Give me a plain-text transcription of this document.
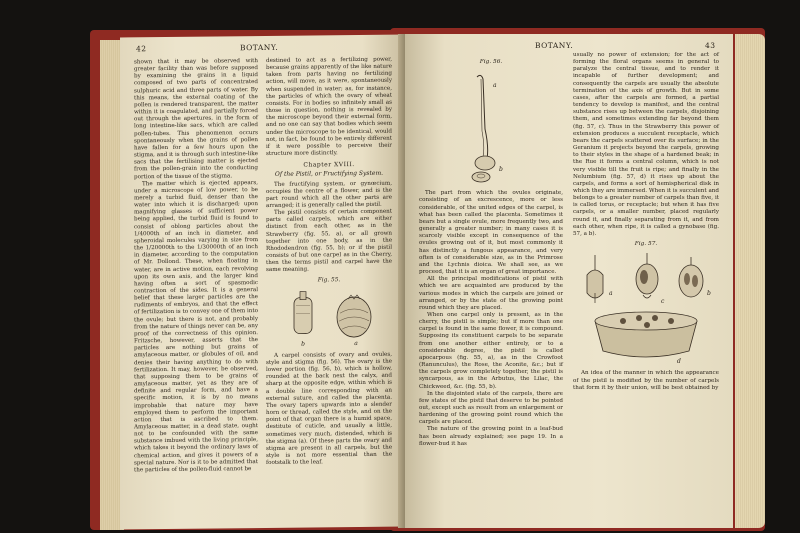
42	BOTANY.

shown that it may be observed with greater facility than was before supposed by examining the grains in a liquid composed of two parts of concentrated sulphuric acid and three parts of water. By this means, the external coating of the pollen is rendered transparent, the matter within it is coagulated, and partially forced out through the apertures, in the form of long intestine-like sacs, which are called pollen-tubes. This phenomenon occurs spontaneously when the grains of pollen have fallen for a few hours upon the stigma, and it is through such intestine-like sacs that the fertilising matter is ejected from the pollen-grain into the conducting portion of the tissue of the stigma.

The matter which is ejected appears, under a microscope of low power, to be merely a turbid fluid, denser than the water into which it is discharged; upon magnifying glasses of sufficient power being applied, the turbid fluid is found to consist of oblong particles about the 1/4000th of an inch in diameter, and spheroidal molecules varying in size from the 1/20000th to the 1/30000th of an inch in diameter, according to the computation of Mr. Dollond. These, when floating in water, are in active motion, each revolving upon its own axis, and the larger kind having often a sort of spasmodic contraction of the sides. It is a general belief that these larger particles are the rudiments of embryos, and that the effect of fertilization is to convey one of them into the ovule; but there is not, and probably from the nature of things never can be, any proof of the correctness of this opinion. Fritzsche, however, asserts that the particles are nothing but grains of amylaceous matter, or globules of oil, and denies their having anything to do with fertilization. It may, however, be observed, that supposing them to be grains of amylaceous matter, yet as they are of definite and regular form, and have a specific motion, it is by no means improbable that nature may have employed them to perform the important action that is ascribed to them. Amylaceous matter, in a dead state, ought not to be confounded with the same substance imbued with the living principle, which takes it beyond the ordinary laws of chemical action, and gives it powers of a special nature. Nor is it to be admitted that the particles of the pollen-fluid cannot be

destined to act as a fertilizing power, because grains apparently of the like nature taken from parts having no fertilizing action, will move, as it were, spontaneously when suspended in water; as, for instance, the particles of which the ovary of wheat consists. For in bodies so infinitely small as those in question, nothing is revealed by the microscope beyond their external form, and no one can say that bodies which seem under the microscope to be identical, would not, in fact, be found to be entirely different if it were possible to perceive their structure more distinctly.

Chapter XVIII.
Of the Pistil, or Fructifying System.

The fructifying system, or gynœcium, occupies the centre of a flower, and is the part round which all the other parts are arranged; it is generally called the pistil.

The pistil consists of certain component parts called carpels, which are either distinct from each other, as in the Strawberry (fig. 55, a), or all grown together into one body, as in the Rhododendron (fig. 55, b); or if the pistil consists of but one carpel as in the Cherry, then the terms pistil and carpel have the same meaning.

Fig. 55.
b	a

A carpel consists of ovary and ovules, style and stigma (fig. 56). The ovary is the lower portion (fig. 56, b), which is hollow, rounded at the back next the calyx, and sharp at the opposite edge, within which is a double line corresponding with an external suture, and called the placenta. The ovary tapers upwards into a slender horn or thread, called the style, and on the point of that organ there is a humid space, destitute of cuticle, and usually a little, sometimes very much, distended, which is the stigma (a). Of these parts the ovary and stigma are present in all carpels, but the style is not more essential than the footstalk to the leaf.

BOTANY.	43
Fig. 56.
a
b

The part from which the ovules originate, consisting of an excrescence, more or less considerable, of the united edges of the carpel, is what has been called the placenta. Sometimes it bears but a single ovule, more frequently two, and generally a greater number; in many cases it is scarcely visible except in consequence of the ovules growing out of it, but most commonly it has distinctly a fungous appearance, and very often is of considerable size, as in the Primrose and the Lychnis dioica. We shall see, as we proceed, that it is an organ of great importance.

All the principal modifications of pistil with which we are acquainted are produced by the various modes in which the carpels are joined or arranged, or by the state of the growing point round which they are placed.

When one carpel only is present, as in the cherry, the pistil is simple; but if more than one carpel is found in the same flower, it is compound. Supposing its constituent carpels to be separate from one another either entirely, or to a considerable degree, the pistil is called apocarpous (fig. 55, a), as in the Crowfoot (Ranunculus), the Rose, the Aconite, &c.; but if the carpels grow completely together, the pistil is syncarpous, as in the Arbutus, the Lilac, the Chickweed, &c. (fig. 55, b).

In the disjointed state of the carpels, there are few states of the pistil that deserve to be pointed out, except such as result from an enlargement or hardening of the growing point round which the carpels are placed.

The nature of the growing point in a leaf-bud has been already explained; see page 19. In a flower-bud it has

usually no power of extension; for the act of forming the floral organs seems in general to paralyze the central tissue, and to render it incapable of further development; and consequently the carpels are usually the absolute termination of the axis of growth. But in some cases, after the carpels are formed, a partial tendency to develop is manifest, and the central substance rises up between the carpels, disjoining them, and sometimes extending far beyond them (fig. 57, c). Thus in the Strawberry this power of extension produces a succulent receptacle, which bears the carpels scattered over its surface; in the Geranium it projects beyond the carpels, growing to their styles in the shape of a hardened beak; in the Rue it forms a central column, which is not very visible till the fruit is ripe; and finally in the Nelumbium (fig. 57, d) it rises up about the carpels, and forms a sort of hemispherical disk in which they are immersed. When it is succulent and belongs to a greater number of carpels than five, it is called torus, or receptacle; but when it has five carpels, or a smaller number, placed regularly round it, and finally separating from it, and from each other, when ripe, it is called a gynobase (fig. 57, a b).

Fig. 57.
a	b
c
d

An idea of the manner in which the appearance of the pistil is modified by the number of carpels that form it by their union, will be best obtained by
